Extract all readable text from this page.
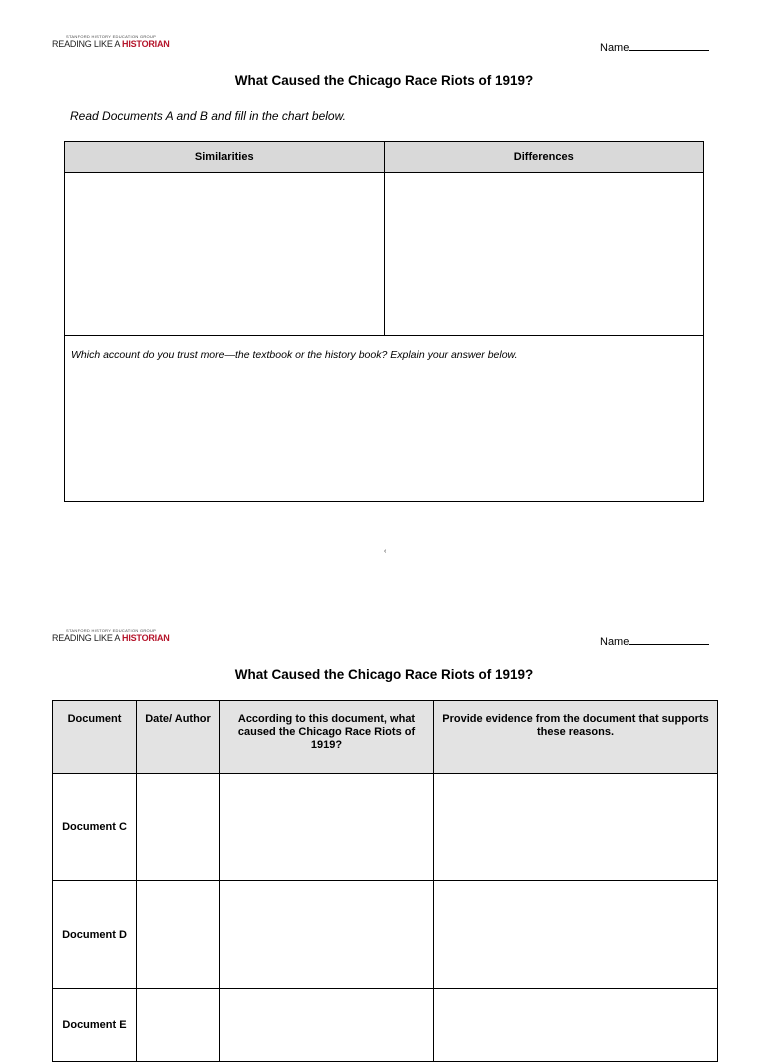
STANFORD HISTORY EDUCATION GROUP
READING LIKE A HISTORIAN	Name
What Caused the Chicago Race Riots of 1919?
Read Documents A and B and fill in the chart below.
Similarities	Differences

Which account do you trust more—the textbook or the history book? Explain your answer below.	
‹
STANFORD HISTORY EDUCATION GROUP
READING LIKE A HISTORIAN	Name
What Caused the Chicago Race Riots of 1919?
Document	Date/ Author	According to this document, what caused the Chicago Race Riots of 1919?	Provide evidence from the document that supports these reasons.
Document C			
Document D			
Document E			
